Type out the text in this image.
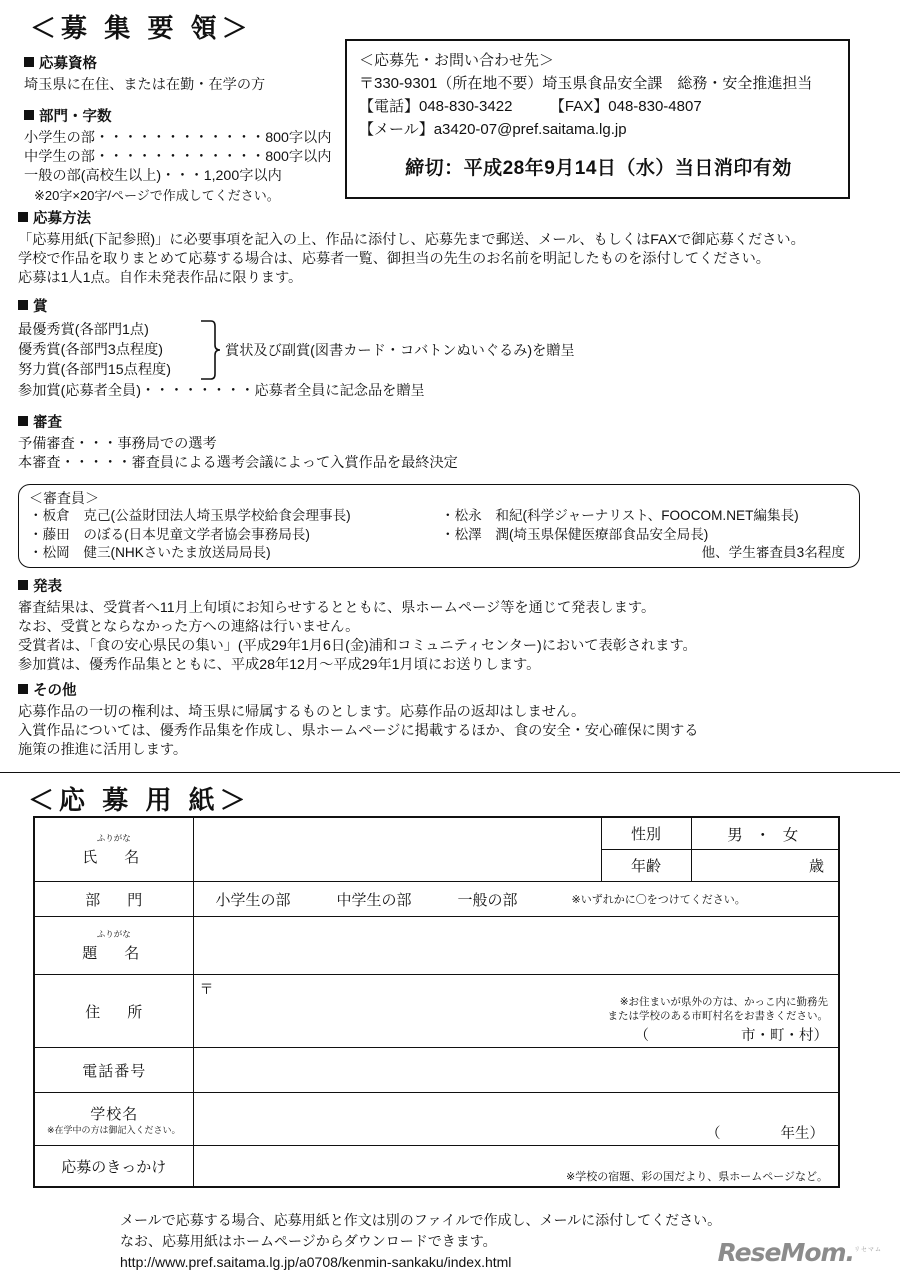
＜募 集 要 領＞
＜応募先・お問い合わせ先＞
〒330-9301（所在地不要）埼玉県食品安全課　総務・安全推進担当
【電話】048-830-3422　　　【FAX】048-830-4807
【メール】a3420-07@pref.saitama.lg.jp
締切：平成28年9月14日（水）当日消印有効
応募資格
埼玉県に在住、または在勤・在学の方
部門・字数
小学生の部・・・・・・・・・・・・800字以内
中学生の部・・・・・・・・・・・・800字以内
一般の部(高校生以上)・・・1,200字以内
※20字×20字/ページで作成してください。
応募方法
「応募用紙(下記参照)」に必要事項を記入の上、作品に添付し、応募先まで郵送、メール、もしくはFAXで御応募ください。
学校で作品を取りまとめて応募する場合は、応募者一覧、御担当の先生のお名前を明記したものを添付してください。
応募は1人1点。自作未発表作品に限ります。
賞
最優秀賞(各部門1点)
優秀賞(各部門3点程度)
努力賞(各部門15点程度)
賞状及び副賞(図書カード・コバトンぬいぐるみ)を贈呈
参加賞(応募者全員)・・・・・・・・応募者全員に記念品を贈呈
審査
予備審査・・・事務局での選考
本審査・・・・・審査員による選考会議によって入賞作品を最終決定
＜審査員＞
・板倉　克己(公益財団法人埼玉県学校給食会理事長)	・松永　和紀(科学ジャーナリスト、FOOCOM.NET編集長)
・藤田　のぼる(日本児童文学者協会事務局長)	・松澤　潤(埼玉県保健医療部食品安全局長)
・松岡　健三(NHKさいたま放送局局長)	他、学生審査員3名程度
発表
審査結果は、受賞者へ11月上旬頃にお知らせするとともに、県ホームページ等を通じて発表します。
なお、受賞とならなかった方への連絡は行いません。
受賞者は、「食の安心県民の集い」(平成29年1月6日(金)浦和コミュニティセンター)において表彰されます。
参加賞は、優秀作品集とともに、平成28年12月～平成29年1月頃にお送りします。
その他
応募作品の一切の権利は、埼玉県に帰属するものとします。応募作品の返却はしません。
入賞作品については、優秀作品集を作成し、県ホームページに掲載するほか、食の安全・安心確保に関する
施策の推進に活用します。
＜応 募 用 紙＞
ふりがな
氏　名		性別	男 ・ 女

		年齢	歳

部　門	小学生の部 中学生の部 一般の部 ※いずれかに〇をつけてください。		

ふりがな
題　名			
住　所	〒
※お住まいが県外の方は、かっこ内に勤務先
または学校のある市町村名をお書きください。
（ 市・町・村）		

電話番号			
学校名
※在学中の方は御記入ください。	（ 年生）		

応募のきっかけ	※学校の宿題、彩の国だより、県ホームページなど。		
メールで応募する場合、応募用紙と作文は別のファイルで作成し、メールに添付してください。
なお、応募用紙はホームページからダウンロードできます。
http://www.pref.saitama.lg.jp/a0708/kenmin-sankaku/index.html	ReseMom.$^{リセマム}$
